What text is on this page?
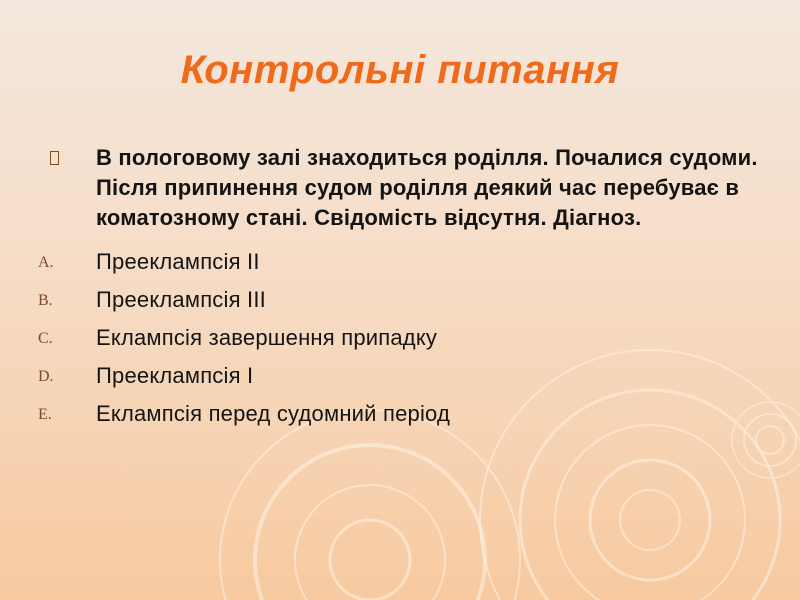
Контрольні питання
В пологовому залі знаходиться роділля. Почалися судоми. Після припинення судом роділля деякий час перебуває в коматозному стані. Свідомість відсутня. Діагноз.
A. Прееклампсія ІІ
B. Прееклампсія ІІІ
C. Еклампсія завершення припадку
D. Прееклампсія І
E. Еклампсія перед судомний період
